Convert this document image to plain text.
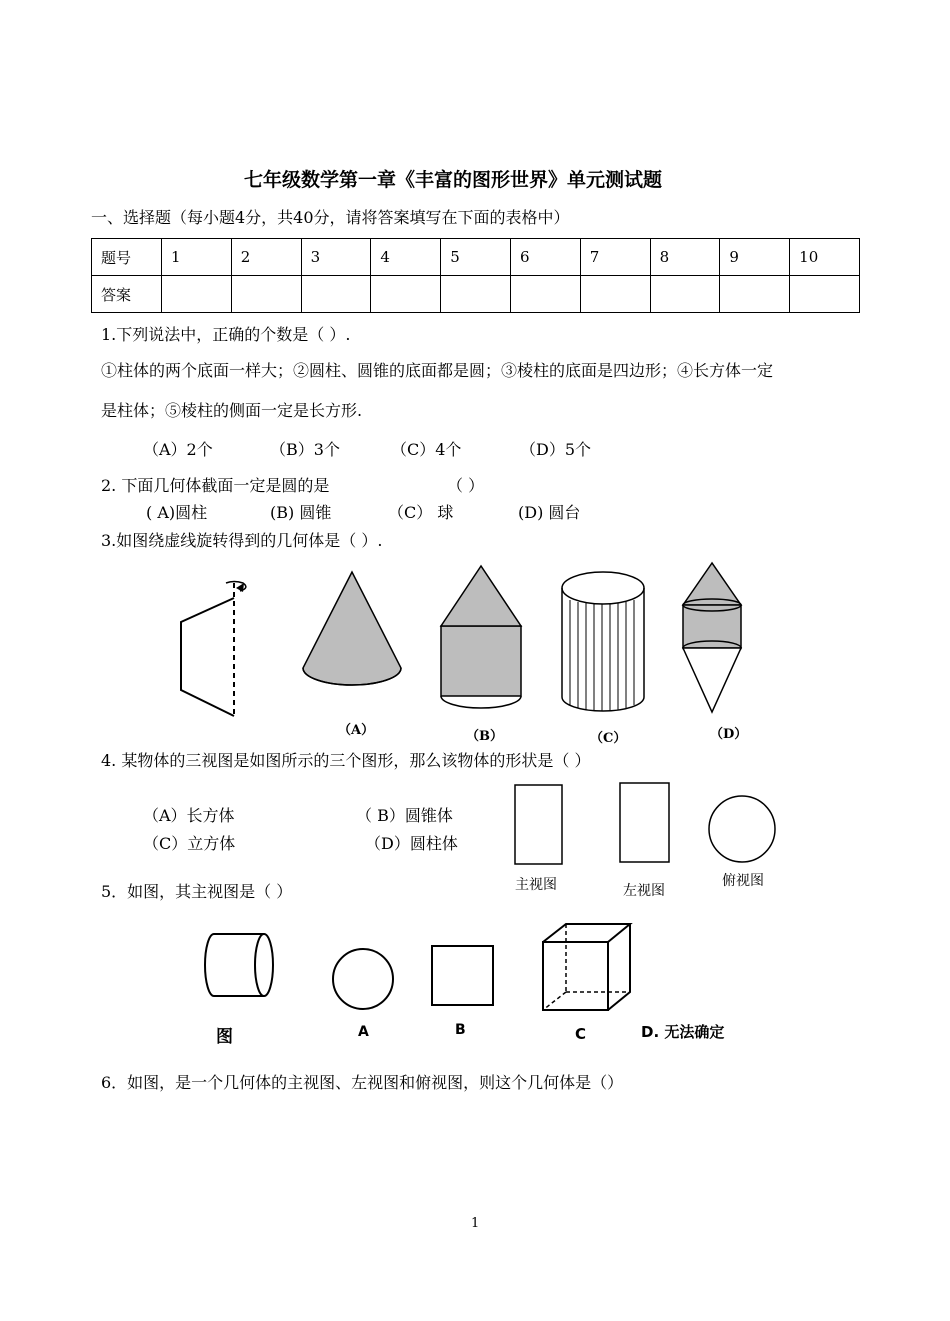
七年级数学第一章《丰富的图形世界》单元测试题
一、选择题（每小题4分，共40分，请将答案填写在下面的表格中）
题号	1	2	3	4	5	6	7	8	9	10
答案										
1.下列说法中，正确的个数是（ ）.
①柱体的两个底面一样大；②圆柱、圆锥的底面都是圆；③棱柱的底面是四边形；④长方体一定
是柱体；⑤棱柱的侧面一定是长方形.
（A）2个	（B）3个	（C）4个	（D）5个
2. 下面几何体截面一定是圆的是	（ ）
( A)圆柱	(B) 圆锥	（C） 球	(D) 圆台
3.如图绕虚线旋转得到的几何体是（ ）.
（A）	（B）	（C）	（D）
4. 某物体的三视图是如图所示的三个图形，那么该物体的形状是（ ）
（A）长方体	（ B）圆锥体
（C）立方体	（D）圆柱体
主视图	左视图
俯视图
5．如图，其主视图是（ ）
图	A	B	C	D. 无法确定
6．如图，是一个几何体的主视图、左视图和俯视图，则这个几何体是（）
1
